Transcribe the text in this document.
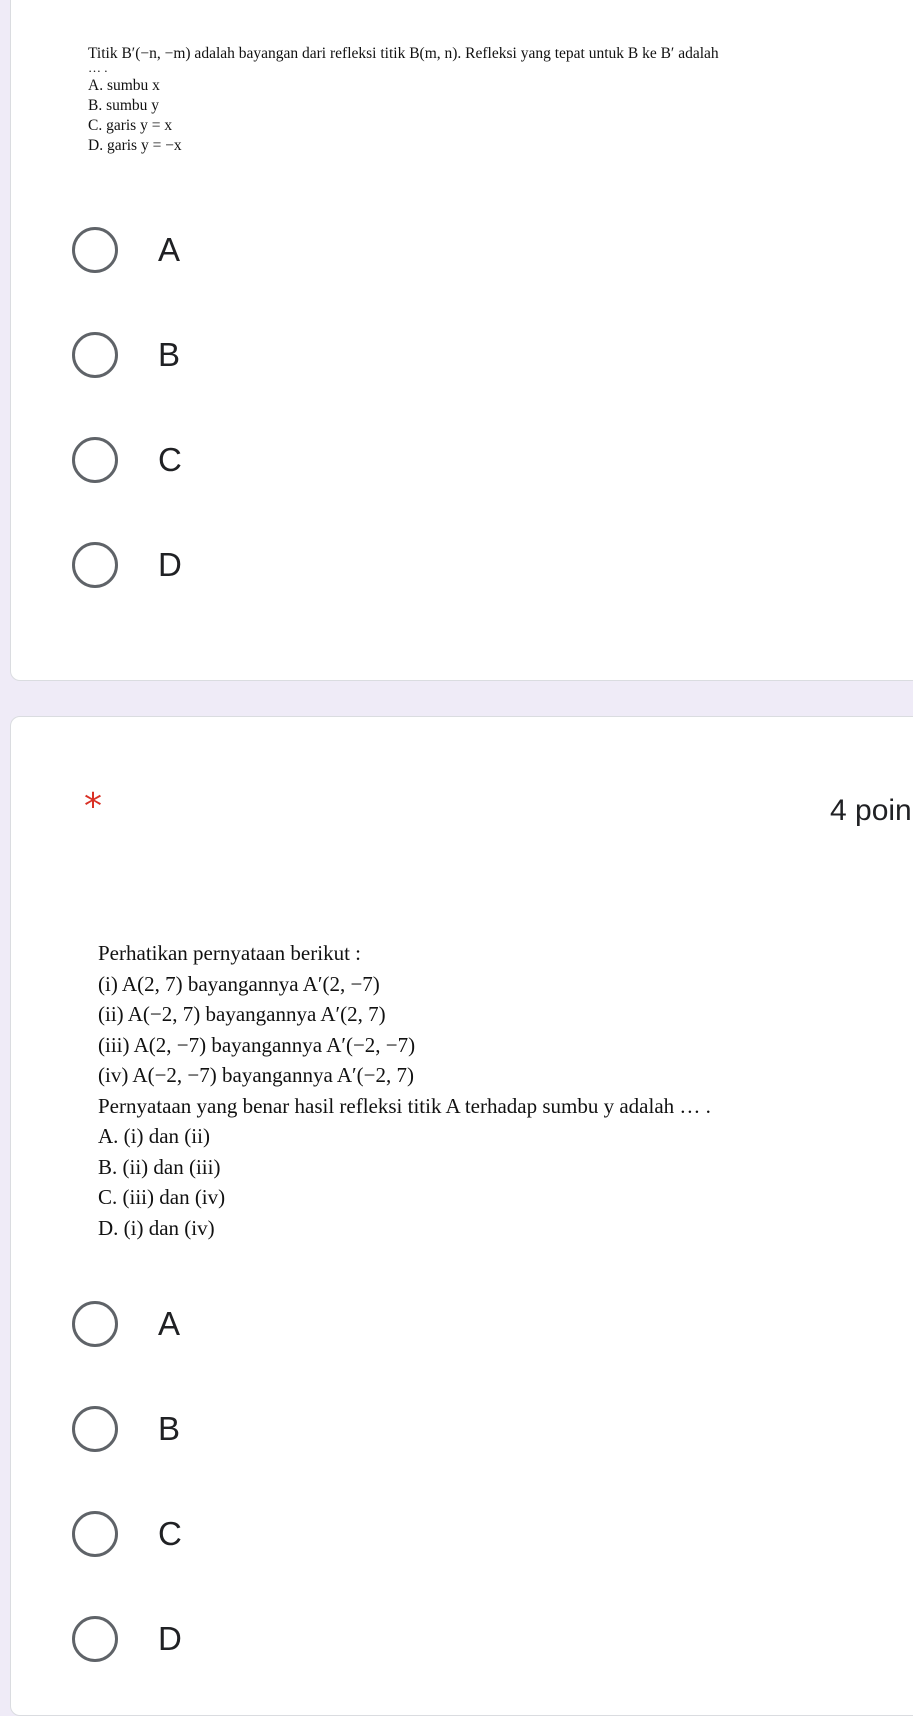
Titik B′(−n, −m) adalah bayangan dari refleksi titik B(m, n). Refleksi yang tepat untuk B ke B′ adalah
… .
A. sumbu x
B. sumbu y
C. garis y = x
D. garis y = −x
A
B
C
D
*	4 poin
Perhatikan pernyataan berikut :
(i) A(2, 7) bayangannya A′(2, −7)
(ii) A(−2, 7) bayangannya A′(2, 7)
(iii) A(2, −7) bayangannya A′(−2, −7)
(iv) A(−2, −7) bayangannya A′(−2, 7)
Pernyataan yang benar hasil refleksi titik A terhadap sumbu y adalah … .
A. (i) dan (ii)
B. (ii) dan (iii)
C. (iii) dan (iv)
D. (i) dan (iv)
A
B
C
D
